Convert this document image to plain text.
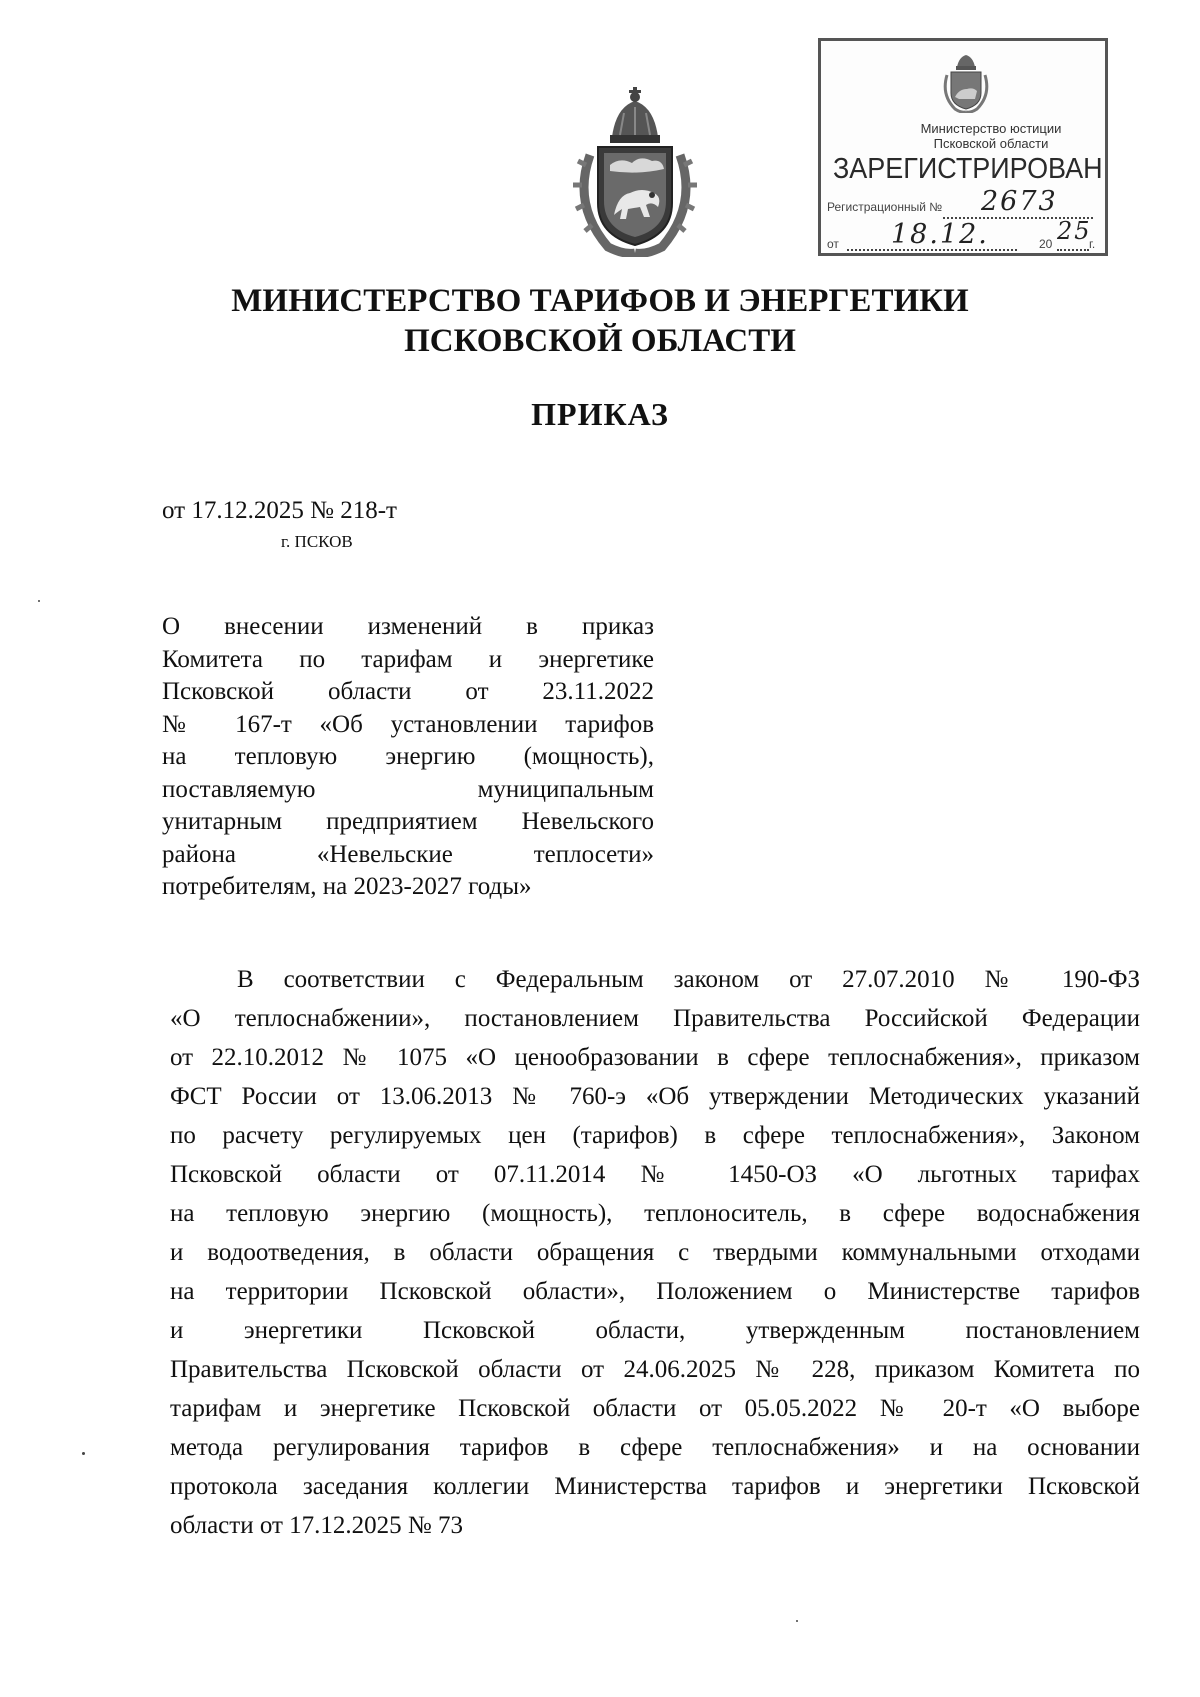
Министерство юстиции
Псковской области
ЗАРЕГИСТРИРОВАН
Регистрационный № 2673
от 18.12.	20 25
г.
МИНИСТЕРСТВО ТАРИФОВ И ЭНЕРГЕТИКИ
ПСКОВСКОЙ ОБЛАСТИ
ПРИКАЗ
от 17.12.2025 № 218-т
г. ПСКОВ
О внесении изменений в приказ
Комитета по тарифам и энергетике
Псковской области от 23.11.2022
№ 167-т «Об установлении тарифов
на тепловую энергию (мощность),
поставляемую муниципальным
унитарным предприятием Невельского
района «Невельские теплосети»
потребителям, на 2023-2027 годы»
В соответствии с Федеральным законом от 27.07.2010 № 190-ФЗ
«О теплоснабжении», постановлением Правительства Российской Федерации
от 22.10.2012 № 1075 «О ценообразовании в сфере теплоснабжения», приказом
ФСТ России от 13.06.2013 № 760-э «Об утверждении Методических указаний
по расчету регулируемых цен (тарифов) в сфере теплоснабжения», Законом
Псковской области от 07.11.2014 № 1450-ОЗ «О льготных тарифах
на тепловую энергию (мощность), теплоноситель, в сфере водоснабжения
и водоотведения, в области обращения с твердыми коммунальными отходами
на территории Псковской области», Положением о Министерстве тарифов
и энергетики Псковской области, утвержденным постановлением
Правительства Псковской области от 24.06.2025 № 228, приказом Комитета по
тарифам и энергетике Псковской области от 05.05.2022 № 20-т «О выборе
метода регулирования тарифов в сфере теплоснабжения» и на основании
протокола заседания коллегии Министерства тарифов и энергетики Псковской
области от 17.12.2025 № 73
